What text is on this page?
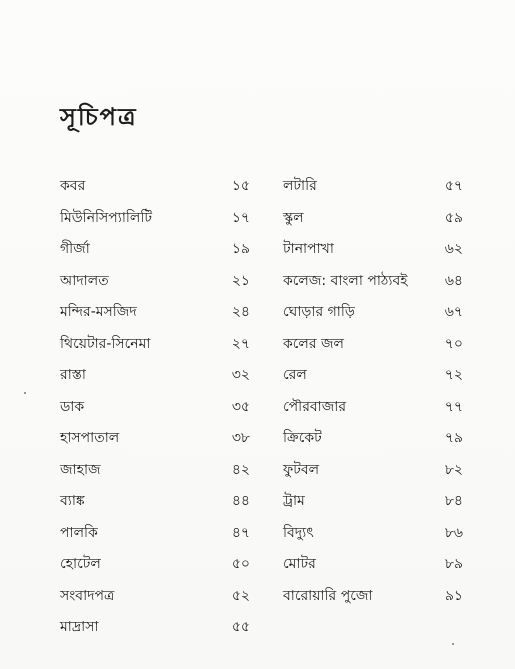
সূচিপত্র
কবর	১৫
মিউনিসিপ্যালিটি	১৭
গীর্জা	১৯
আদালত	২১
মন্দির-মসজিদ	২৪
থিয়েটার-সিনেমা	২৭
রাস্তা	৩২
ডাক	৩৫
হাসপাতাল	৩৮
জাহাজ	৪২
ব্যাঙ্ক	৪৪
পালকি	৪৭
হোটেল	৫০
সংবাদপত্র	৫২
মাদ্রাসা	৫৫
লটারি	৫৭
স্কুল	৫৯
টানাপাখা	৬২
কলেজ: বাংলা পাঠ্যবই	৬৪
ঘোড়ার গাড়ি	৬৭
কলের জল	৭০
রেল	৭২
পৌরবাজার	৭৭
ক্রিকেট	৭৯
ফুটবল	৮২
ট্রাম	৮৪
বিদ্যুৎ	৮৬
মোটর	৮৯
বারোয়ারি পুজো	৯১
